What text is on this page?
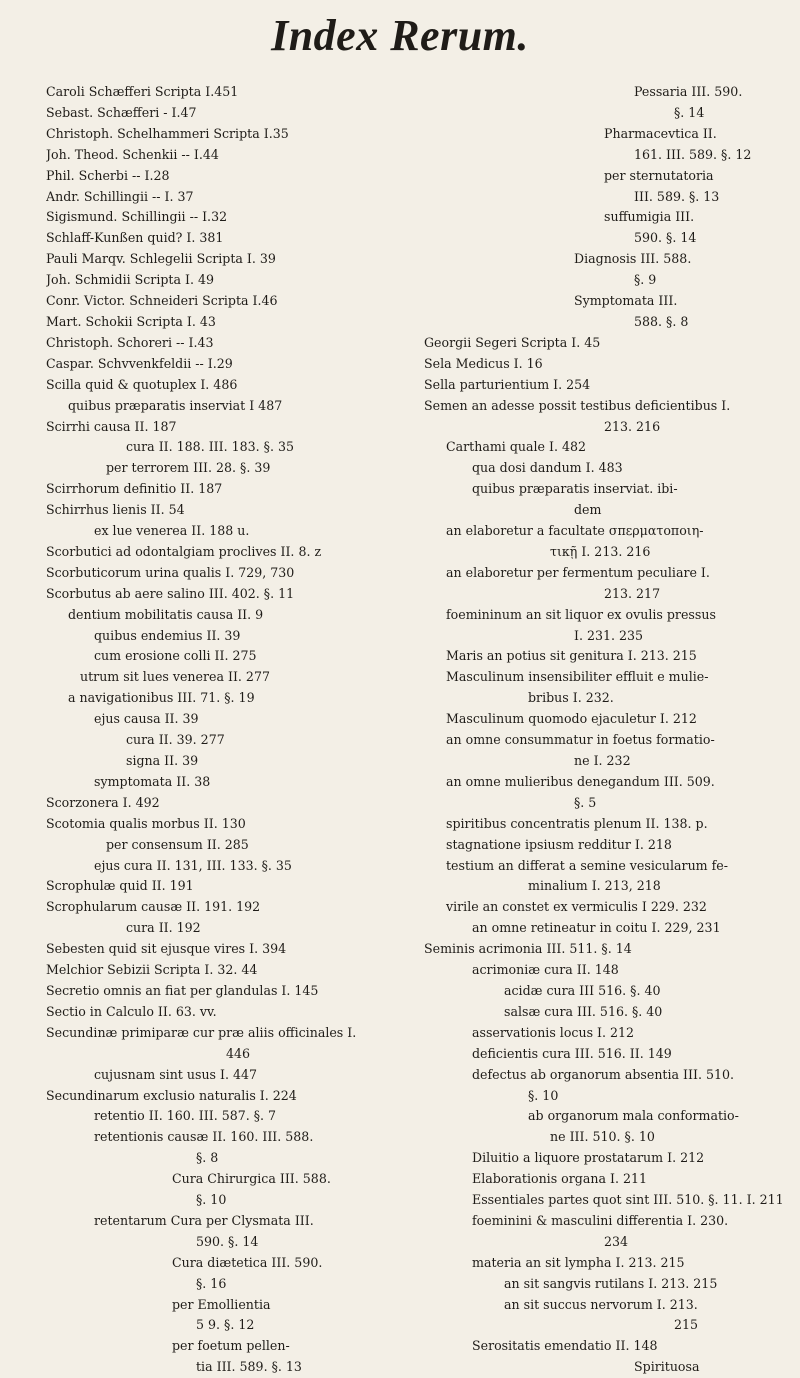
Index Rerum.
Caroli Schæfferi Scripta I.451
Sebast. Schæfferi - I.47
Christoph. Schelhammeri Scripta I.35
Joh. Theod. Schenkii -- I.44
Phil. Scherbi -- I.28
Andr. Schillingii -- I. 37
Sigismund. Schillingii -- I.32
Schlaff-Kunßen quid? I. 381
Pauli Marqv. Schlegelii Scripta I. 39
Joh. Schmidii Scripta I. 49
Conr. Victor. Schneideri Scripta I.46
Mart. Schokii Scripta I. 43
Christoph. Schoreri -- I.43
Caspar. Schvvenkfeldii -- I.29
Scilla quid & quotuplex I. 486
quibus præparatis inserviat I 487
Scirrhi causa II. 187
cura II. 188. III. 183. §. 35
per terrorem III. 28. §. 39
Scirrhorum definitio II. 187
Schirrhus lienis II. 54
ex lue venerea II. 188 u.
Scorbutici ad odontalgiam proclives II. 8. z
Scorbuticorum urina qualis I. 729, 730
Scorbutus ab aere salino III. 402. §. 11
dentium mobilitatis causa II. 9
quibus endemius II. 39
cum erosione colli II. 275
utrum sit lues venerea II. 277
a navigationibus III. 71. §. 19
ejus causa II. 39
cura II. 39. 277
signa II. 39
symptomata II. 38
Scorzonera I. 492
Scotomia qualis morbus II. 130
per consensum II. 285
ejus cura II. 131, III. 133. §. 35
Scrophulæ quid II. 191
Scrophularum causæ II. 191. 192
cura II. 192
Sebesten quid sit ejusque vires I. 394
Melchior Sebizii Scripta I. 32. 44
Secretio omnis an fiat per glandulas I. 145
Sectio in Calculo II. 63. vv.
Secundinæ primiparæ cur præ aliis officinales I.
446
cujusnam sint usus I. 447
Secundinarum exclusio naturalis I. 224
retentio II. 160. III. 587. §. 7
retentionis causæ II. 160. III. 588.
§. 8
Cura Chirurgica III. 588.
§. 10
retentarum Cura per Clysmata III.
590. §. 14
Cura diætetica III. 590.
§. 16
per Emollientia
5 9. §. 12
per foetum pellen-
tia III. 589. §. 13
Pessaria III. 590.
§. 14
Pharmacevtica II.
161. III. 589. §. 12
per sternutatoria
III. 589. §. 13
suffumigia III.
590. §. 14
Diagnosis III. 588.
§. 9
Symptomata III.
588. §. 8
Georgii Segeri Scripta I. 45
Sela Medicus I. 16
Sella parturientium I. 254
Semen an adesse possit testibus deficientibus I.
213. 216
Carthami quale I. 482
qua dosi dandum I. 483
quibus præparatis inserviat. ibi-
dem
an elaboretur a facultate σπερματοποιη-
τικῇ I. 213. 216
an elaboretur per fermentum peculiare I.
213. 217
foemininum an sit liquor ex ovulis pressus
I. 231. 235
Maris an potius sit genitura I. 213. 215
Masculinum insensibiliter effluit e mulie-
bribus I. 232.
Masculinum quomodo ejaculetur I. 212
an omne consummatur in foetus formatio-
ne I. 232
an omne mulieribus denegandum III. 509.
§. 5
spiritibus concentratis plenum II. 138. p.
stagnatione ipsiusm redditur I. 218
testium an differat a semine vesicularum fe-
minalium I. 213, 218
virile an constet ex vermiculis I 229. 232
an omne retineatur in coitu I. 229, 231
Seminis acrimonia III. 511. §. 14
acrimoniæ cura II. 148
acidæ cura III 516. §. 40
salsæ cura III. 516. §. 40
asservationis locus I. 212
deficientis cura III. 516. II. 149
defectus ab organorum absentia III. 510.
§. 10
ab organorum mala conformatio-
ne III. 510. §. 10
Diluitio a liquore prostatarum I. 212
Elaborationis organa I. 211
Essentiales partes quot sint III. 510. §. 11. I. 211
foeminini & masculini differentia I. 230.
234
materia an sit lympha I. 213. 215
an sit sangvis rutilans I. 213. 215
an sit succus nervorum I. 213.
215
Serositatis emendatio II. 148
Spirituosa
